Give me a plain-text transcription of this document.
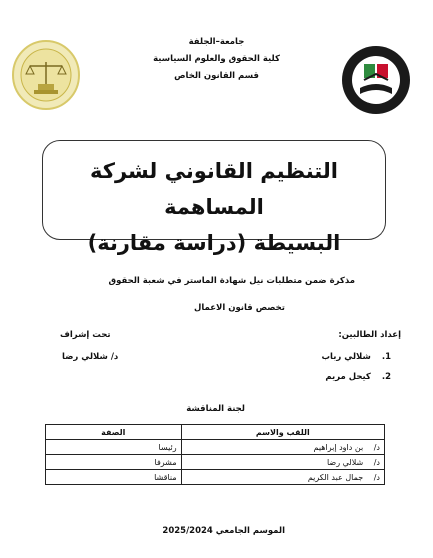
جامعة–الجلفة
كلية الحقوق والعلوم السياسية
قسم القانون الخاص
التنظيم القانوني لشركة المساهمة
البسيطة (دراسة مقارنة)
مذكرة ضمن متطلبات نيل شهادة الماستر في شعبة الحقوق
تخصص قانون الاعمال
إعداد الطالبين:
1. شلالي رباب
2. كيحل مريم
تحت إشراف
د/ شلالي رضا
لجنة المناقشة
اللقب والاسم	الصفة
د/ بن داود إبراهيم	رئيسا
د/ شلالي رضا	مشرفا
د/ جمال عبد الكريم	مناقشا
الموسم الجامعي 2025/2024
